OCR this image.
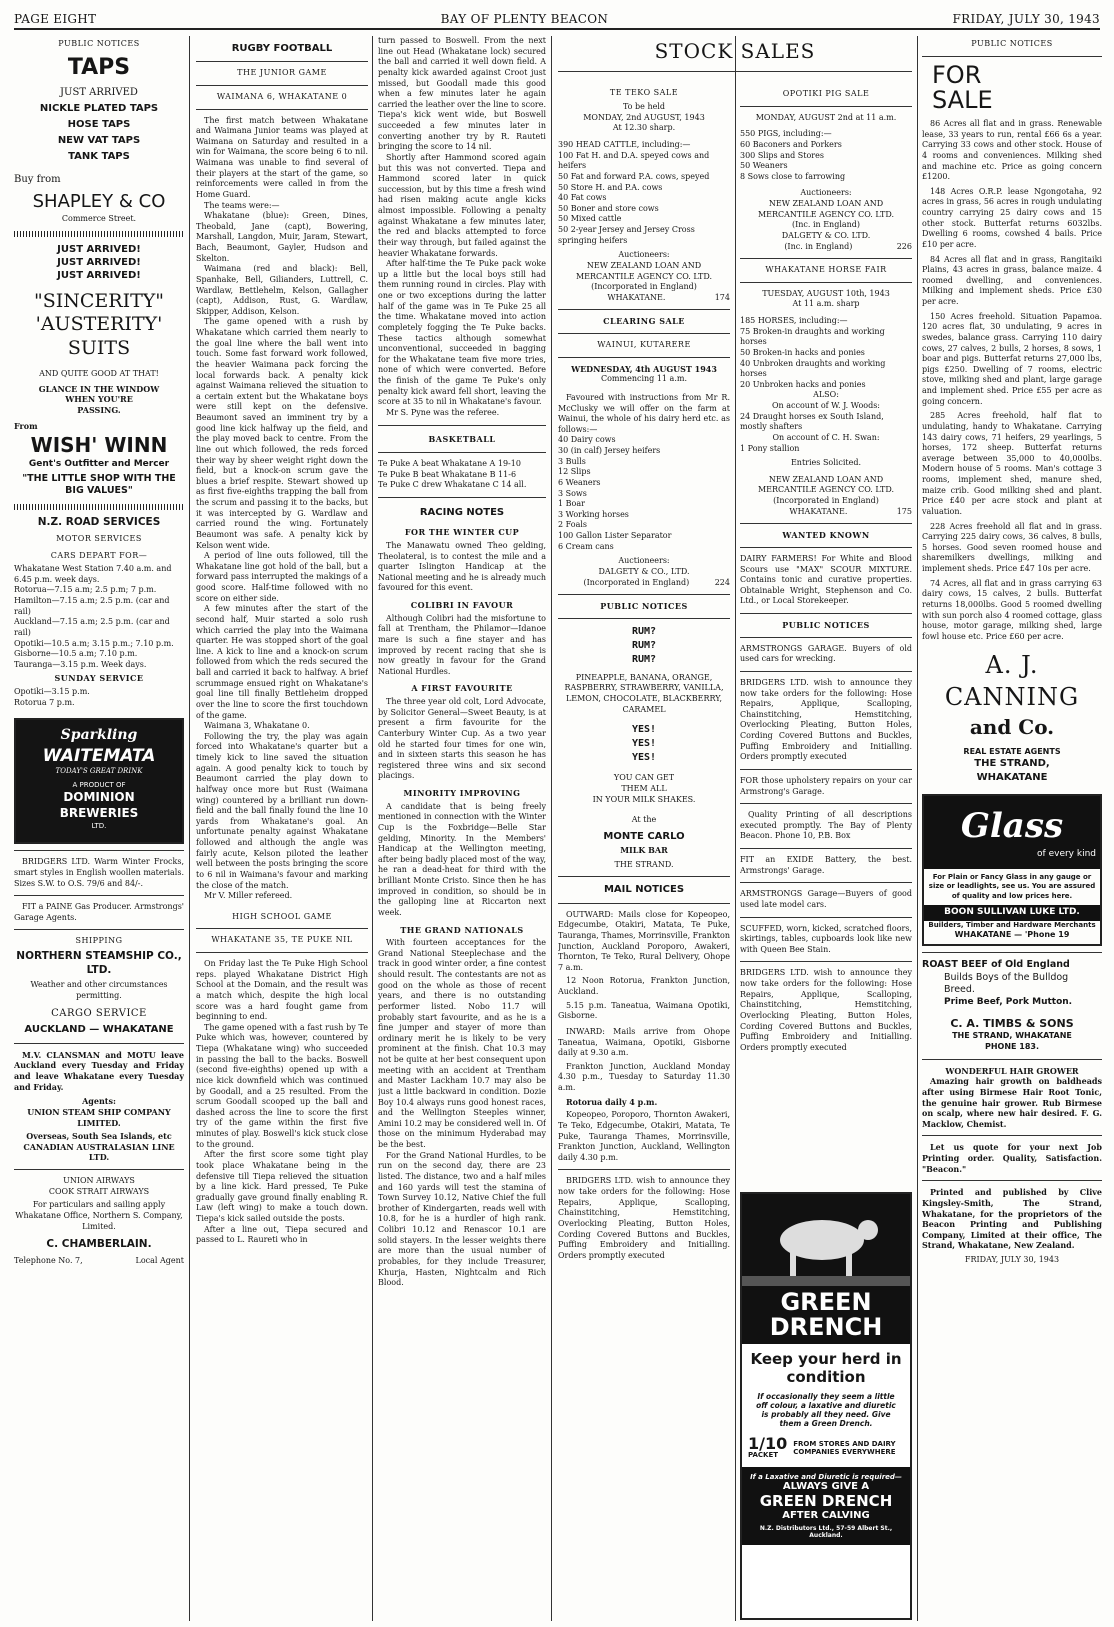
PAGE EIGHT	BAY OF PLENTY BEACON	FRIDAY, JULY 30, 1943
PUBLIC NOTICES
TAPS
JUST ARRIVED
NICKLE PLATED TAPS
HOSE TAPS
NEW VAT TAPS
TANK TAPS
Buy from
SHAPLEY & CO
Commerce Street.
JUST ARRIVED!
JUST ARRIVED!
JUST ARRIVED!
"SINCERITY"
'AUSTERITY'
SUITS
AND QUITE GOOD AT THAT!
GLANCE IN THE WINDOW
WHEN YOU'RE
PASSING.
From
WISH' WINN
Gent's Outfitter and Mercer
"THE LITTLE SHOP WITH THE BIG VALUES"
N.Z. ROAD SERVICES
MOTOR SERVICES
CARS DEPART FOR—
Whakatane West Station 7.40 a.m. and 6.45 p.m. week days.
Rotorua—7.15 a.m; 2.5 p.m; 7 p.m.
Hamilton—7.15 a.m; 2.5 p.m. (car and rail)
Auckland—7.15 a.m; 2.5 p.m. (car and rail)
Opotiki—10.5 a.m; 3.15 p.m.; 7.10 p.m.
Gisborne—10.5 a.m; 7.10 p.m.
Tauranga—3.15 p.m. Week days.
SUNDAY SERVICE
Opotiki—3.15 p.m.
Rotorua 7 p.m.
Sparkling
WAITEMATA
TODAY'S GREAT DRINK
A PRODUCT OF
DOMINION
BREWERIES
LTD.
BRIDGERS LTD. Warm Winter Frocks, smart styles in English woollen materials. Sizes S.W. to O.S. 79/6 and 84/-.
FIT a PAINE Gas Producer. Armstrongs' Garage Agents.
SHIPPING
NORTHERN STEAMSHIP CO., LTD.
Weather and other circumstances permitting.
CARGO SERVICE
AUCKLAND — WHAKATANE
M.V. CLANSMAN and MOTU leave Auckland every Tuesday and Friday and leave Whakatane every Tuesday and Friday.
Agents:
UNION STEAM SHIP COMPANY LIMITED.
Overseas, South Sea Islands, etc
CANADIAN AUSTRALASIAN LINE LTD.
UNION AIRWAYS
COOK STRAIT AIRWAYS
For particulars and sailing apply Whakatane Office, Northern S. Company, Limited.
C. CHAMBERLAIN.
Telephone No. 7,	Local Agent
RUGBY FOOTBALL
THE JUNIOR GAME
WAIMANA 6, WHAKATANE 0
The first match between Whakatane and Waimana Junior teams was played at Waimana on Saturday and resulted in a win for Waimana, the score being 6 to nil. Waimana was unable to find several of their players at the start of the game, so reinforcements were called in from the Home Guard.
The teams were:—
Whakatane (blue): Green, Dines, Theobald, Jane (capt), Bowering, Marshall, Langdon, Muir, Jaram, Stewart, Bach, Beaumont, Gayler, Hudson and Skelton.
Waimana (red and black): Bell, Spanhake, Bell, Gilianders, Luttrell, C. Wardlaw, Bettlehelm, Kelson, Gallagher (capt), Addison, Rust, G. Wardlaw, Skipper, Addison, Kelson.
The game opened with a rush by Whakatane which carried them nearly to the goal line where the ball went into touch. Some fast forward work followed, the heavier Waimana pack forcing the local forwards back. A penalty kick against Waimana relieved the situation to a certain extent but the Whakatane boys were still kept on the defensive. Beaumont saved an imminent try by a good line kick halfway up the field, and the play moved back to centre. From the line out which followed, the reds forced their way by sheer weight right down the field, but a knock-on scrum gave the blues a brief respite. Stewart showed up as first five-eighths trapping the ball from the scrum and passing it to the backs, but it was intercepted by G. Wardlaw and carried round the wing. Fortunately Beaumont was safe. A penalty kick by Kelson went wide.
A period of line outs followed, till the Whakatane line got hold of the ball, but a forward pass interrupted the makings of a good score. Half-time followed with no score on either side.
A few minutes after the start of the second half, Muir started a solo rush which carried the play into the Waimana quarter. He was stopped short of the goal line. A kick to line and a knock-on scrum followed from which the reds secured the ball and carried it back to halfway. A brief scrummage ensued right on Whakatane's goal line till finally Bettleheim dropped over the line to score the first touchdown of the game.
Waimana 3, Whakatane 0.
Following the try, the play was again forced into Whakatane's quarter but a timely kick to line saved the situation again. A good penalty kick to touch by Beaumont carried the play down to halfway once more but Rust (Waimana wing) countered by a brilliant run down-field and the ball finally found the line 10 yards from Whakatane's goal. An unfortunate penalty against Whakatane followed and although the angle was fairly acute, Kelson piloted the leather well between the posts bringing the score to 6 nil in Waimana's favour and marking the close of the match.
Mr V. Miller refereed.
HIGH SCHOOL GAME
WHAKATANE 35, TE PUKE NIL
On Friday last the Te Puke High School reps. played Whakatane District High School at the Domain, and the result was a match which, despite the high local score was a hard fought game from beginning to end.
The game opened with a fast rush by Te Puke which was, however, countered by Tiepa (Whakatane wing) who succeeded in passing the ball to the backs. Boswell (second five-eighths) opened up with a nice kick downfield which was continued by Goodall, and a 25 resulted. From the scrum Goodall scooped up the ball and dashed across the line to score the first try of the game within the first five minutes of play. Boswell's kick stuck close to the ground.
After the first score some tight play took place Whakatane being in the defensive till Tiepa relieved the situation by a line kick. Hard pressed, Te Puke gradually gave ground finally enabling R. Law (left wing) to make a touch down. Tiepa's kick sailed outside the posts.
After a line out, Tiepa secured and passed to L. Raureti who in
turn passed to Boswell. From the next line out Head (Whakatane lock) secured the ball and carried it well down field. A penalty kick awarded against Croot just missed, but Goodall made this good when a few minutes later he again carried the leather over the line to score. Tiepa's kick went wide, but Boswell succeeded a few minutes later in converting another try by R. Rauteti bringing the score to 14 nil.
Shortly after Hammond scored again but this was not converted. Tiepa and Hammond scored later in quick succession, but by this time a fresh wind had risen making acute angle kicks almost impossible. Following a penalty against Whakatane a few minutes later, the red and blacks attempted to force their way through, but failed against the heavier Whakatane forwards.
After half-time the Te Puke pack woke up a little but the local boys still had them running round in circles. Play with one or two exceptions during the latter half of the game was in Te Puke 25 all the time. Whakatane moved into action completely fogging the Te Puke backs. These tactics although somewhat unconventional, succeeded in bagging for the Whakatane team five more tries, none of which were converted. Before the finish of the game Te Puke's only penalty kick award fell short, leaving the score at 35 to nil in Whakatane's favour.
Mr S. Pyne was the referee.
BASKETBALL
Te Puke A beat Whakatane A 19-10
Te Puke B beat Whakatane B 11-6
Te Puke C drew Whakatane C 14 all.
RACING NOTES
FOR THE WINTER CUP
The Manawatu owned Theo gelding, Theolateral, is to contest the mile and a quarter Islington Handicap at the National meeting and he is already much favoured for this event.
COLIBRI IN FAVOUR
Although Colibri had the misfortune to fall at Trentham, the Philamor—Idanoe mare is such a fine stayer and has improved by recent racing that she is now greatly in favour for the Grand National Hurdles.
A FIRST FAVOURITE
The three year old colt, Lord Advocate, by Solicitor General—Sweet Beauty, is at present a firm favourite for the Canterbury Winter Cup. As a two year old he started four times for one win, and in sixteen starts this season he has registered three wins and six second placings.
MINORITY IMPROVING
A candidate that is being freely mentioned in connection with the Winter Cup is the Foxbridge—Belle Star gelding, Minority. In the Members' Handicap at the Wellington meeting, after being badly placed most of the way, he ran a dead-heat for third with the brilliant Monte Cristo. Since then he has improved in condition, so should be in the galloping line at Riccarton next week.
THE GRAND NATIONALS
With fourteen acceptances for the Grand National Steeplechase and the track in good winter order, a fine contest should result. The contestants are not as good on the whole as those of recent years, and there is no outstanding performer listed. Nobo 11.7 will probably start favourite, and as he is a fine jumper and stayer of more than ordinary merit he is likely to be very prominent at the finish. Chat 10.3 may not be quite at her best consequent upon meeting with an accident at Trentham and Master Lackham 10.7 may also be just a little backward in condition. Dozie Boy 10.4 always runs good honest races, and the Wellington Steeples winner, Amini 10.2 may be considered well in. Of those on the minimum Hyderabad may be the best.
For the Grand National Hurdles, to be run on the second day, there are 23 listed. The distance, two and a half miles and 160 yards will test the stamina of Town Survey 10.12, Native Chief the full brother of Kindergarten, reads well with 10.8, for he is a hurdler of high rank. Colibri 10.12 and Renascor 10.1 are solid stayers. In the lesser weights there are more than the usual number of probables, for they include Treasurer, Khurja, Hasten, Nightcalm and Rich Blood.
STOCK SALES
TE TEKO SALE
To be held
MONDAY, 2nd AUGUST, 1943
At 12.30 sharp.
390 HEAD CATTLE, including:—
100 Fat H. and D.A. speyed cows and heifers
50 Fat and forward P.A. cows, speyed
50 Store H. and P.A. cows
40 Fat cows
50 Boner and store cows
50 Mixed cattle
50 2-year Jersey and Jersey Cross springing heifers
Auctioneers:
NEW ZEALAND LOAN AND MERCANTILE AGENCY CO. LTD.
(Incorporated in England)
WHAKATANE.	174
CLEARING SALE
WAINUI, KUTARERE
WEDNESDAY, 4th AUGUST 1943
Commencing 11 a.m.
Favoured with instructions from Mr R. McClusky we will offer on the farm at Wainui, the whole of his dairy herd etc. as follows:—
40 Dairy cows
30 (in calf) Jersey heifers
3 Bulls
12 Slips
6 Weaners
3 Sows
1 Boar
3 Working horses
2 Foals
100 Gallon Lister Separator
6 Cream cans
Auctioneers:
DALGETY & CO., LTD.
(Incorporated in England)	224
PUBLIC NOTICES
RUM?
RUM?
RUM?
PINEAPPLE, BANANA, ORANGE, RASPBERRY, STRAWBERRY, VANILLA, LEMON, CHOCOLATE, BLACKBERRY, CARAMEL
YES!
YES!
YES!
YOU CAN GET
THEM ALL
IN YOUR MILK SHAKES.
At the
MONTE CARLO
MILK BAR
THE STRAND.
MAIL NOTICES
OUTWARD: Mails close for Kopeopeo, Edgecumbe, Otakiri, Matata, Te Puke, Tauranga, Thames, Morrinsville, Frankton Junction, Auckland Poroporo, Awakeri, Thornton, Te Teko, Rural Delivery, Ohope 7 a.m.
12 Noon Rotorua, Frankton Junction, Auckland.
5.15 p.m. Taneatua, Waimana Opotiki, Gisborne.
INWARD: Mails arrive from Ohope Taneatua, Waimana, Opotiki, Gisborne daily at 9.30 a.m.
Frankton Junction, Auckland Monday 4.30 p.m., Tuesday to Saturday 11.30 a.m.
Rotorua daily 4 p.m.
Kopeopeo, Poroporo, Thornton Awakeri, Te Teko, Edgecumbe, Otakiri, Matata, Te Puke, Tauranga Thames, Morrinsville, Frankton Junction, Auckland, Wellington daily 4.30 p.m.
BRIDGERS LTD. wish to announce they now take orders for the following: Hose Repairs, Applique, Scalloping, Chainstitching, Hemstitching, Overlocking Pleating, Button Holes, Cording Covered Buttons and Buckles, Puffing Embroidery and Initialling. Orders promptly executed
OPOTIKI PIG SALE
MONDAY, AUGUST 2nd at 11 a.m.
550 PIGS, including:—
60 Baconers and Porkers
300 Slips and Stores
50 Weaners
8 Sows close to farrowing
Auctioneers:
NEW ZEALAND LOAN AND MERCANTILE AGENCY CO. LTD.
(Inc. in England)
DALGETY & CO. LTD.
(Inc. in England)	226
WHAKATANE HORSE FAIR
TUESDAY, AUGUST 10th, 1943
At 11 a.m. sharp
185 HORSES, including:—
75 Broken-in draughts and working horses
50 Broken-in hacks and ponies
40 Unbroken draughts and working horses
20 Unbroken hacks and ponies
ALSO:
On account of W. J. Woods:
24 Draught horses ex South Island, mostly shafters
On account of C. H. Swan:
1 Pony stallion
Entries Solicited.
NEW ZEALAND LOAN AND MERCANTILE AGENCY CO. LTD.
(Incorporated in England)
WHAKATANE.	175
WANTED KNOWN
DAIRY FARMERS! For White and Blood Scours use "MAX" SCOUR MIXTURE. Contains tonic and curative properties. Obtainable Wright, Stephenson and Co. Ltd., or Local Storekeeper.
PUBLIC NOTICES
ARMSTRONGS GARAGE. Buyers of old used cars for wrecking.
BRIDGERS LTD. wish to announce they now take orders for the following: Hose Repairs, Applique, Scalloping, Chainstitching, Hemstitching, Overlocking Pleating, Button Holes, Cording Covered Buttons and Buckles, Puffing Embroidery and Initialling. Orders promptly executed
FOR those upholstery repairs on your car Armstrong's Garage.
Quality Printing of all descriptions executed promptly. The Bay of Plenty Beacon. Phone 10, P.B. Box
FIT an EXIDE Battery, the best. Armstrongs' Garage.
ARMSTRONGS Garage—Buyers of good used late model cars.
SCUFFED, worn, kicked, scratched floors, skirtings, tables, cupboards look like new with Queen Bee Stain.
BRIDGERS LTD. wish to announce they now take orders for the following: Hose Repairs, Applique, Scalloping, Chainstitching, Hemstitching, Overlocking Pleating, Button Holes, Cording Covered Buttons and Buckles, Puffing Embroidery and Initialling. Orders promptly executed
GREEN
DRENCH
Keep your herd in condition
If occasionally they seem a little off colour, a laxative and diuretic is probably all they need. Give them a Green Drench.
1/10
PACKET
FROM STORES AND DAIRY COMPANIES EVERYWHERE
If a Laxative and Diuretic is required—
ALWAYS GIVE A
GREEN DRENCH
AFTER CALVING
N.Z. Distributors Ltd., 57-59 Albert St., Auckland.
PUBLIC NOTICES
FOR
SALE
86 Acres all flat and in grass. Renewable lease, 33 years to run, rental £66 6s a year. Carrying 33 cows and other stock. House of 4 rooms and conveniences. Milking shed and machine etc. Price as going concern £1200.
148 Acres O.R.P. lease Ngongotaha, 92 acres in grass, 56 acres in rough undulating country carrying 25 dairy cows and 15 other stock. Butterfat returns 6032lbs. Dwelling 6 rooms, cowshed 4 bails. Price £10 per acre.
84 Acres all flat and in grass, Rangitaiki Plains, 43 acres in grass, balance maize. 4 roomed dwelling, and conveniences. Milking and implement sheds. Price £30 per acre.
150 Acres freehold. Situation Papamoa. 120 acres flat, 30 undulating, 9 acres in swedes, balance grass. Carrying 110 dairy cows, 27 calves, 2 bulls, 2 horses, 8 sows, 1 boar and pigs. Butterfat returns 27,000 lbs, pigs £250. Dwelling of 7 rooms, electric stove, milking shed and plant, large garage and implement shed. Price £55 per acre as going concern.
285 Acres freehold, half flat to undulating, handy to Whakatane. Carrying 143 dairy cows, 71 heifers, 29 yearlings, 5 horses, 172 sheep. Butterfat returns average between 35,000 to 40,000lbs. Modern house of 5 rooms. Man's cottage 3 rooms, implement shed, manure shed, maize crib. Good milking shed and plant. Price £40 per acre stock and plant at valuation.
228 Acres freehold all flat and in grass. Carrying 225 dairy cows, 36 calves, 8 bulls, 5 horses. Good seven roomed house and sharemilkers dwellings, milking and implement sheds. Price £47 10s per acre.
74 Acres, all flat and in grass carrying 63 dairy cows, 15 calves, 2 bulls. Butterfat returns 18,000lbs. Good 5 roomed dwelling with sun porch also 4 roomed cottage, glass house, motor garage, milking shed, large fowl house etc. Price £60 per acre.
A. J. CANNING
and Co.
REAL ESTATE AGENTS
THE STRAND,
WHAKATANE
Glass
of every kind
For Plain or Fancy Glass in any gauge or size or leadlights, see us. You are assured of quality and low prices here.
BOON SULLIVAN LUKE LTD.
Builders, Timber and Hardware Merchants
WHAKATANE — 'Phone 19
ROAST BEEF of Old England
Builds Boys of the Bulldog Breed.
Prime Beef, Pork Mutton.
C. A. TIMBS & SONS
THE STRAND, WHAKATANE
PHONE 183.
WONDERFUL HAIR GROWER
Amazing hair growth on baldheads after using Birmese Hair Root Tonic, the genuine hair grower. Rub Birmese on scalp, where new hair desired. F. G. Macklow, Chemist.
Let us quote for your next Job Printing order. Quality, Satisfaction. "Beacon."
Printed and published by Clive Kingsley-Smith, The Strand, Whakatane, for the proprietors of the Beacon Printing and Publishing Company, Limited at their office, The Strand, Whakatane, New Zealand.
FRIDAY, JULY 30, 1943
